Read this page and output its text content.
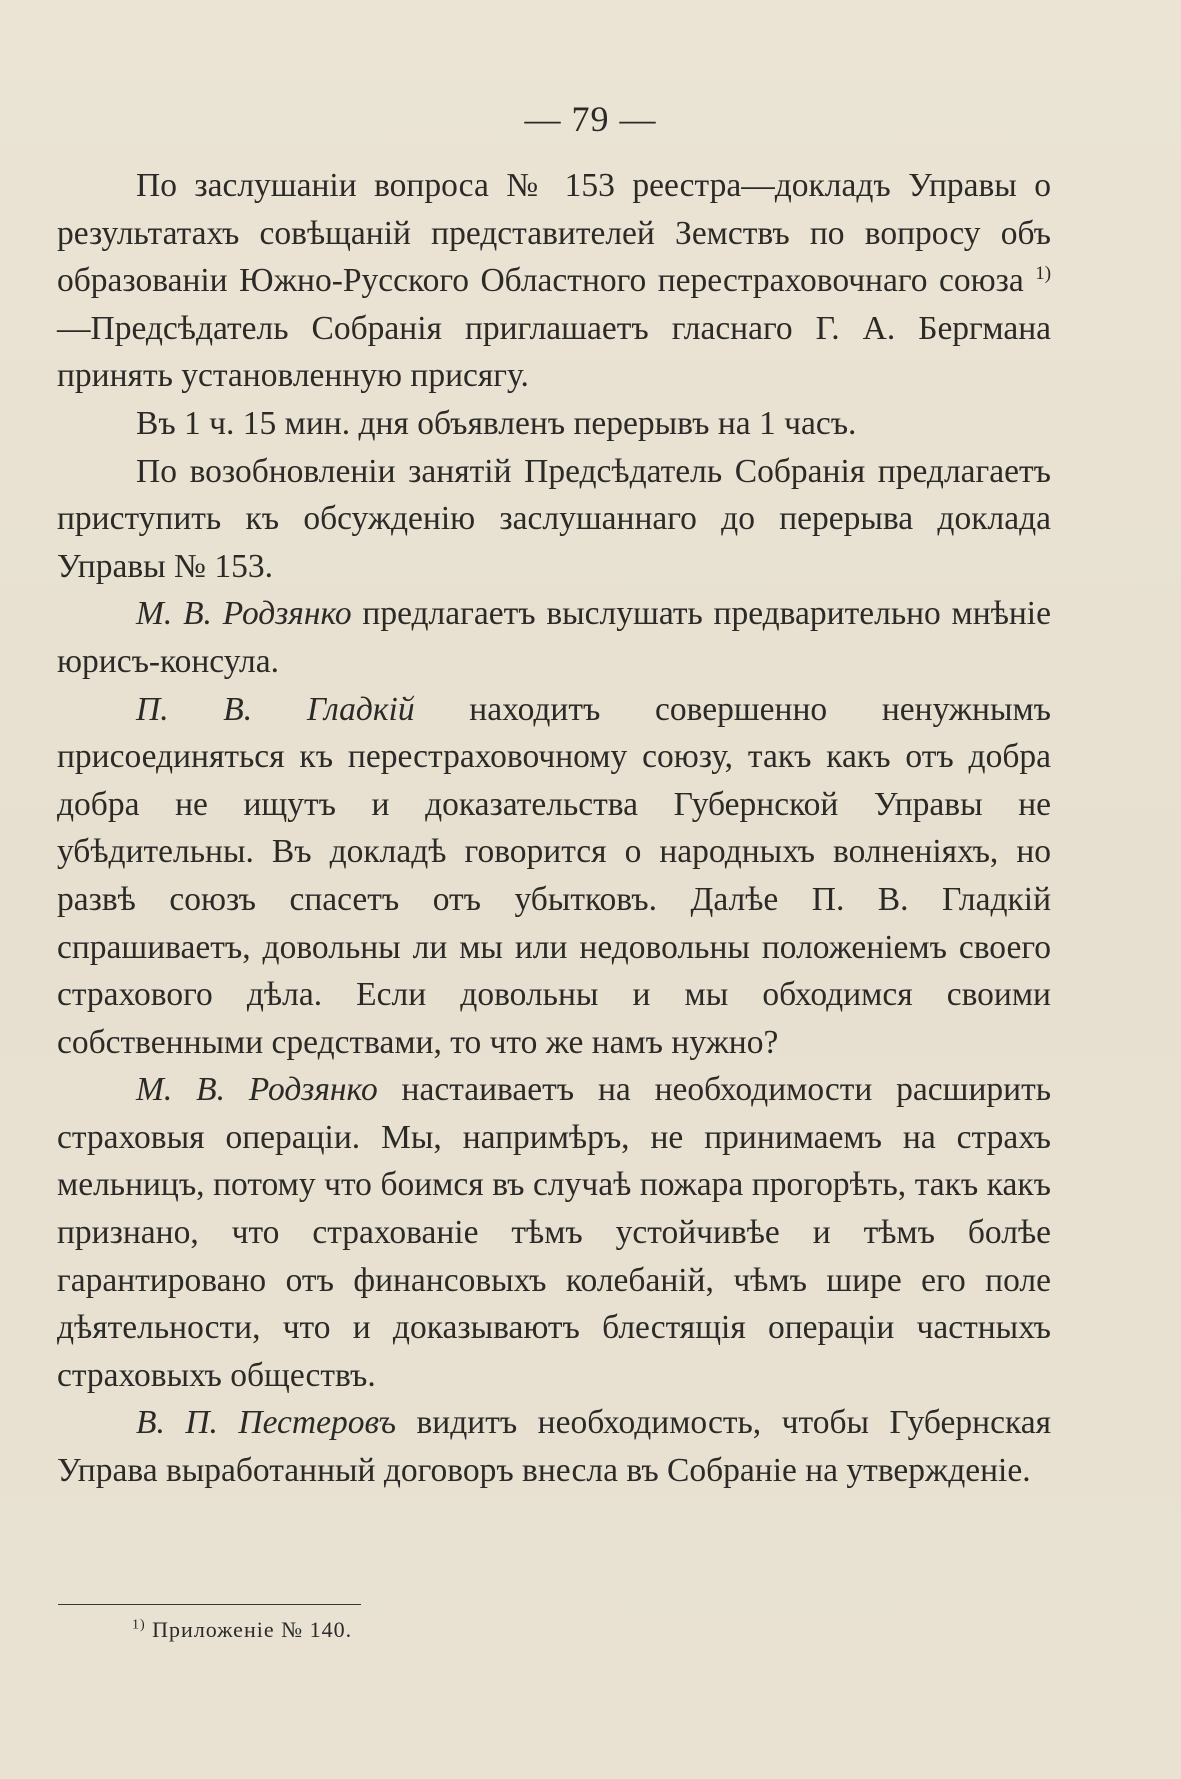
— 79 —

По заслушаніи вопроса № 153 реестра—докладъ Управы о результатахъ совѣщаній представителей Земствъ по вопросу объ образованіи Южно-Русского Областного перестраховочнаго союза $^{1)}$—Предсѣдатель Собранія приглашаетъ гласнаго Г. А. Бергмана принять установленную присягу.

Въ 1 ч. 15 мин. дня объявленъ перерывъ на 1 часъ.

По возобновленіи занятій Предсѣдатель Собранія предлагаетъ приступить къ обсужденію заслушаннаго до перерыва доклада Управы № 153.

М. В. Родзянко предлагаетъ выслушать предварительно мнѣніе юрисъ-консула.

П. В. Гладкій находитъ совершенно ненужнымъ присоединяться къ перестраховочному союзу, такъ какъ отъ добра добра не ищутъ и доказательства Губернской Управы не убѣдительны. Въ докладѣ говорится о народныхъ волненіяхъ, но развѣ союзъ спасетъ отъ убытковъ. Далѣе П. В. Гладкій спрашиваетъ, довольны ли мы или недовольны положеніемъ своего страхового дѣла. Если довольны и мы обходимся своими собственными средствами, то что же намъ нужно?

М. В. Родзянко настаиваетъ на необходимости расширить страховыя операціи. Мы, напримѣръ, не принимаемъ на страхъ мельницъ, потому что боимся въ случаѣ пожара прогорѣть, такъ какъ признано, что страхованіе тѣмъ устойчивѣе и тѣмъ болѣе гарантировано отъ финансовыхъ колебаній, чѣмъ шире его поле дѣятельности, что и доказываютъ блестящія операціи частныхъ страховыхъ обществъ.

В. П. Пестеровъ видитъ необходимость, чтобы Губернская Управа выработанный договоръ внесла въ Собраніе на утвержденіе.

$^{1)}$ Приложеніе № 140.
